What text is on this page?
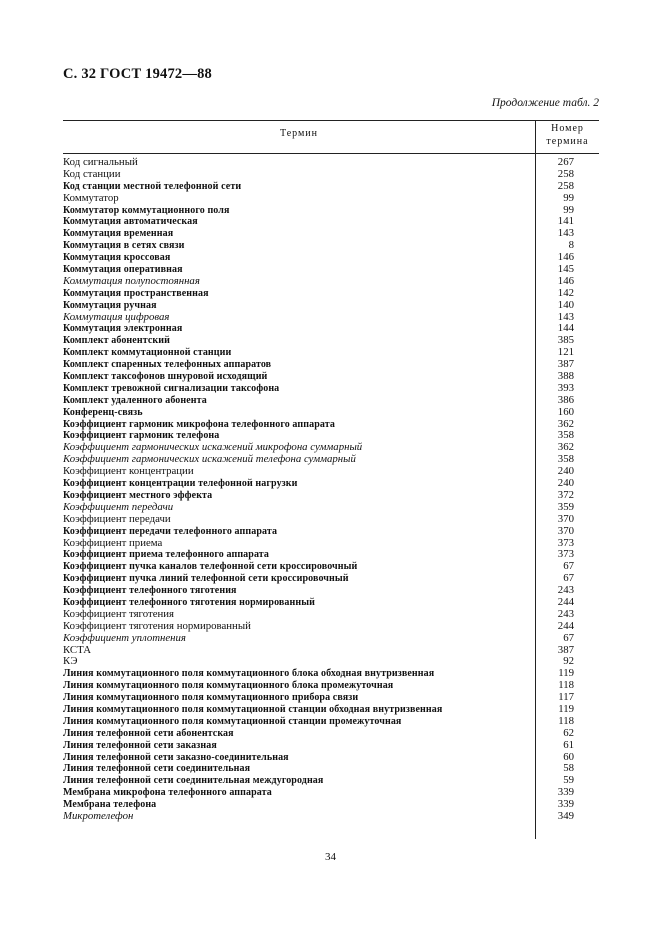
С. 32 ГОСТ 19472—88
Продолжение табл. 2
Термин	Номер
термина
Код сигнальный	267
Код станции	258
Код станции местной телефонной сети	258
Коммутатор	99
Коммутатор коммутационного поля	99
Коммутация автоматическая	141
Коммутация временная	143
Коммутация в сетях связи	8
Коммутация кроссовая	146
Коммутация оперативная	145
Коммутация полупостоянная	146
Коммутация пространственная	142
Коммутация ручная	140
Коммутация цифровая	143
Коммутация электронная	144
Комплект абонентский	385
Комплект коммутационной станции	121
Комплект спаренных телефонных аппаратов	387
Комплект таксофонов шнуровой исходящий	388
Комплект тревожной сигнализации таксофона	393
Комплект удаленного абонента	386
Конференц-связь	160
Коэффициент гармоник микрофона телефонного аппарата	362
Коэффициент гармоник телефона	358
Коэффициент гармонических искажений микрофона суммарный	362
Коэффициент гармонических искажений телефона суммарный	358
Коэффициент концентрации	240
Коэффициент концентрации телефонной нагрузки	240
Коэффициент местного эффекта	372
Коэффициент передачи	359
Коэффициент передачи	370
Коэффициент передачи телефонного аппарата	370
Коэффициент приема	373
Коэффициент приема телефонного аппарата	373
Коэффициент пучка каналов телефонной сети кроссировочный	67
Коэффициент пучка линий телефонной сети кроссировочный	67
Коэффициент телефонного тяготения	243
Коэффициент телефонного тяготения нормированный	244
Коэффициент тяготения	243
Коэффициент тяготения нормированный	244
Коэффициент уплотнения	67
КСТА	387
КЭ	92
Линия коммутационного поля коммутационного блока обходная внутризвенная	119
Линия коммутационного поля коммутационного блока промежуточная	118
Линия коммутационного поля коммутационного прибора связи	117
Линия коммутационного поля коммутационной станции обходная внутризвенная	119
Линия коммутационного поля коммутационной станции промежуточная	118
Линия телефонной сети абонентская	62
Линия телефонной сети заказная	61
Линия телефонной сети заказно-соединительная	60
Линия телефонной сети соединительная	58
Линия телефонной сети соединительная междугородная	59
Мембрана микрофона телефонного аппарата	339
Мембрана телефона	339
Микротелефон	349
34
